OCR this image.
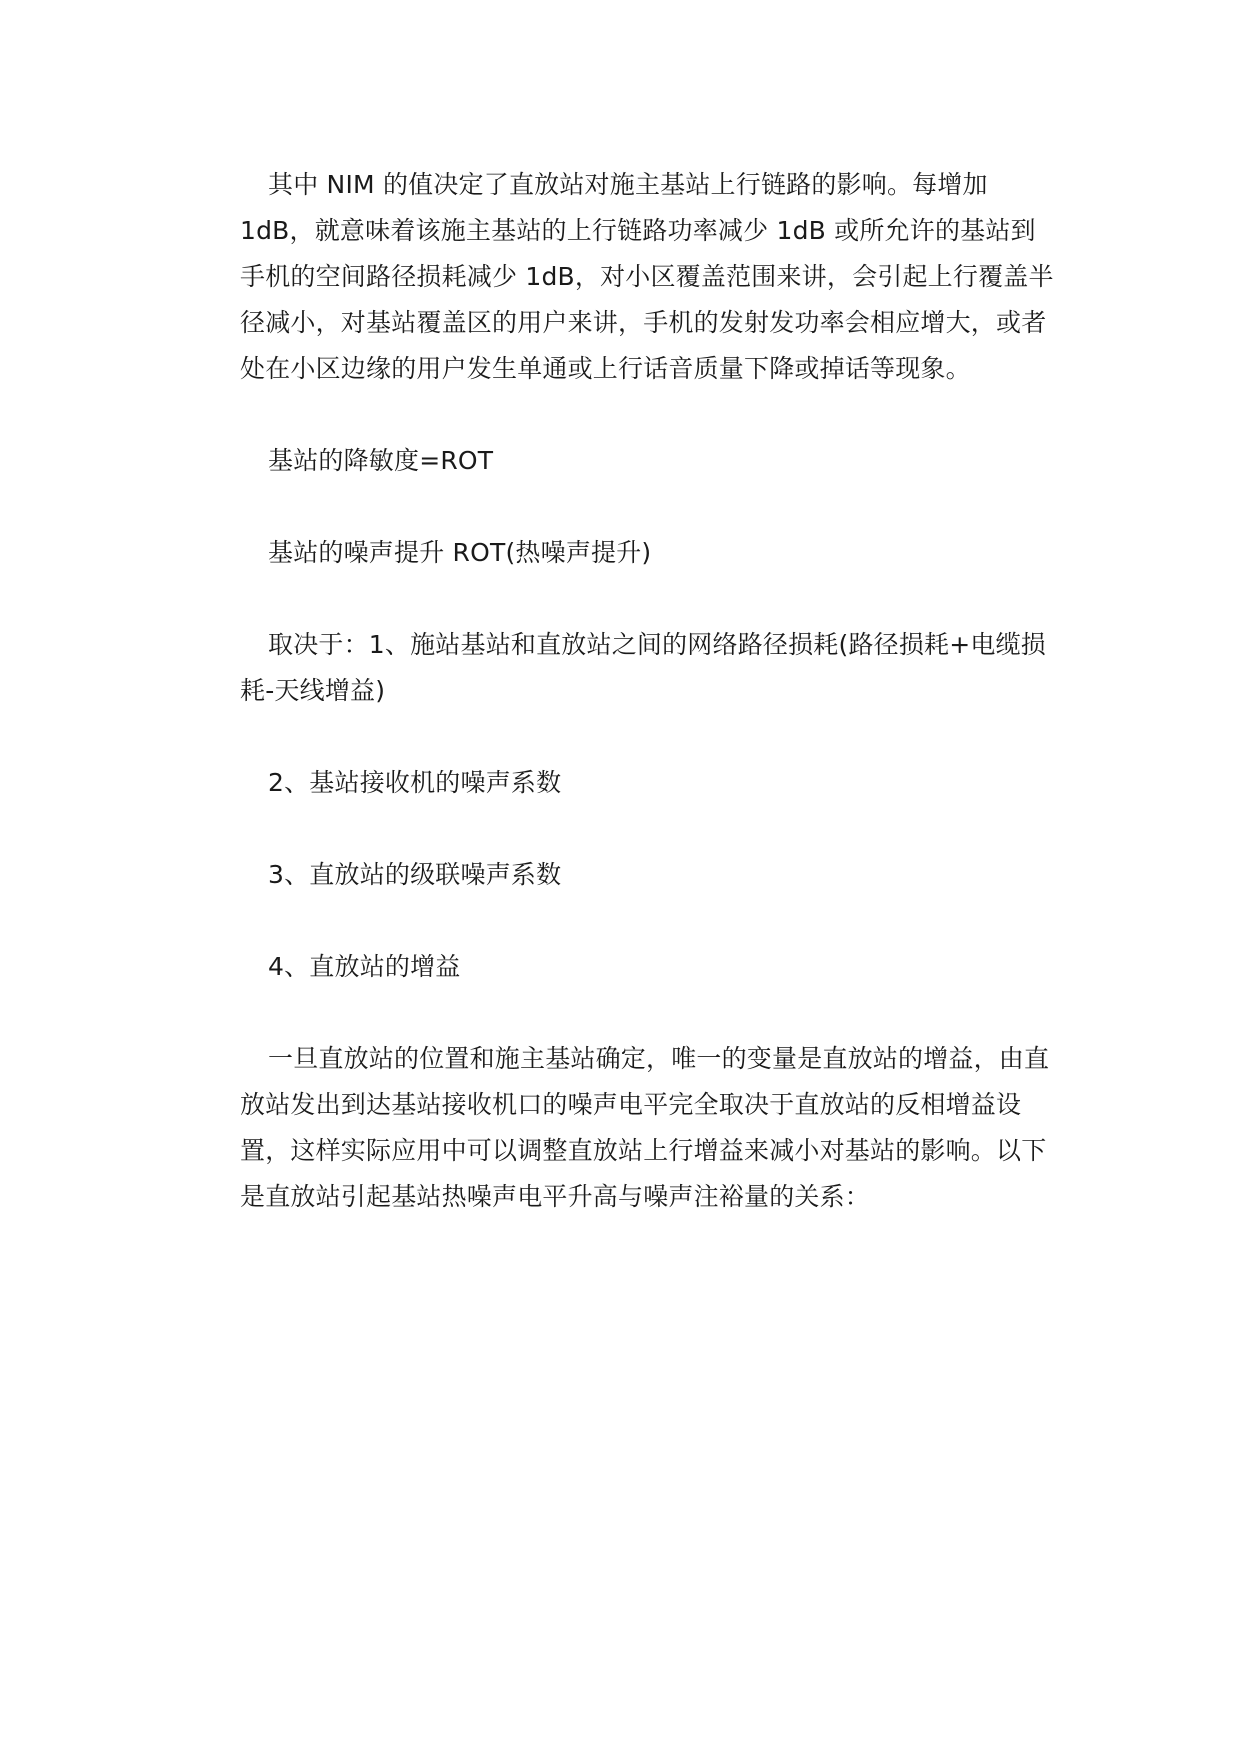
其中 NIM 的值决定了直放站对施主基站上行链路的影响。每增加 1dB，就意味着该施主基站的上行链路功率减少 1dB 或所允许的基站到手机的空间路径损耗减少 1dB，对小区覆盖范围来讲，会引起上行覆盖半径减小，对基站覆盖区的用户来讲，手机的发射发功率会相应增大，或者处在小区边缘的用户发生单通或上行话音质量下降或掉话等现象。

基站的降敏度=ROT

基站的噪声提升 ROT(热噪声提升)

取决于：1、施站基站和直放站之间的网络路径损耗(路径损耗+电缆损耗-天线增益)

2、基站接收机的噪声系数

3、直放站的级联噪声系数

4、直放站的增益

一旦直放站的位置和施主基站确定，唯一的变量是直放站的增益，由直放站发出到达基站接收机口的噪声电平完全取决于直放站的反相增益设置，这样实际应用中可以调整直放站上行增益来减小对基站的影响。以下是直放站引起基站热噪声电平升高与噪声注裕量的关系：
